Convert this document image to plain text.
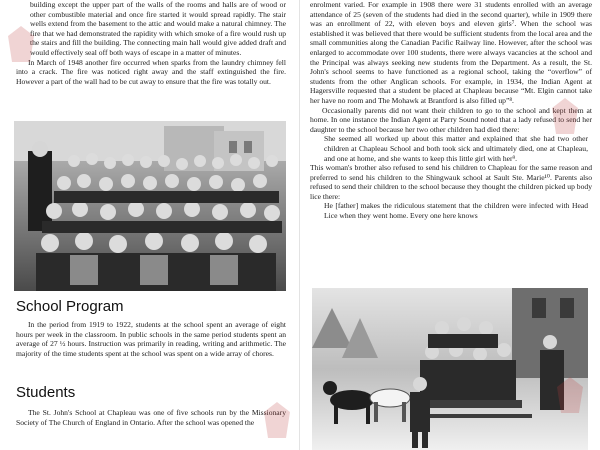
building except the upper part of the walls of the rooms and halls are of wood or other combustible material and once fire started it would spread rapidly. The stair wells extend from the basement to the attic and would make a natural chimney. The fire that we had demonstrated the rapidity with which smoke of a fire would rush up the stairs and fill the building. The connecting main hall would give added draft and would effectively seal off both ways of escape in a matter of minutes.

In March of 1948 another fire occurred when sparks from the laundry chimney fell into a crack. The fire was noticed right away and the staff extinguished the fire. However a part of the wall had to be cut away to ensure that the fire was totally out.

School Program

In the period from 1919 to 1922, students at the school spent an average of eight hours per week in the classroom. In public schools in the same period students spent an average of 27 ½ hours. Instruction was primarily in reading, writing and arithmetic. The majority of the time students spent at the school was spent on a wide array of chores.

Students

The St. John's School at Chapleau was one of five schools run by the Missionary Society of The Church of England in Ontario. After the school was opened the

enrolment varied. For example in 1908 there were 31 students enrolled with an average attendance of 25 (seven of the students had died in the second quarter), while in 1909 there was an enrollment of 22, with eleven boys and eleven girls⁷. When the school was established it was believed that there would be sufficient students from the local area and the small communities along the Canadian Pacific Railway line. However, after the school was enlarged to accommodate over 100 students, there were always vacancies at the school and the Principal was always seeking new students from the Department. As a result, the St. John's school seems to have functioned as a regional school, taking the “overflow” of students from the other Anglican schools. For example, in 1934, the Indian Agent at Hagersville requested that a student be placed at Chapleau because “Mt. Elgin cannot take her have no room and The Mohawk at Brantford is also filled up”⁸.

Occasionally parents did not want their children to go to the school and kept them at home. In one instance the Indian Agent at Parry Sound noted that a lady refused to send her daughter to the school because her two other children had died there:

She seemed all worked up about this matter and explained that she had two other children at Chapleau School and both took sick and ultimately died, one at Chapleau, and one at home, and she wants to keep this little girl with her⁹.

This woman's brother also refused to send his children to Chapleau for the same reason and preferred to send his children to the Shingwauk school at Sault Ste. Marie¹⁰. Parents also refused to send their children to the school because they thought the children picked up body lice there:

He [father] makes the ridiculous statement that the children were infected with Head Lice when they went home. Every one here knows
